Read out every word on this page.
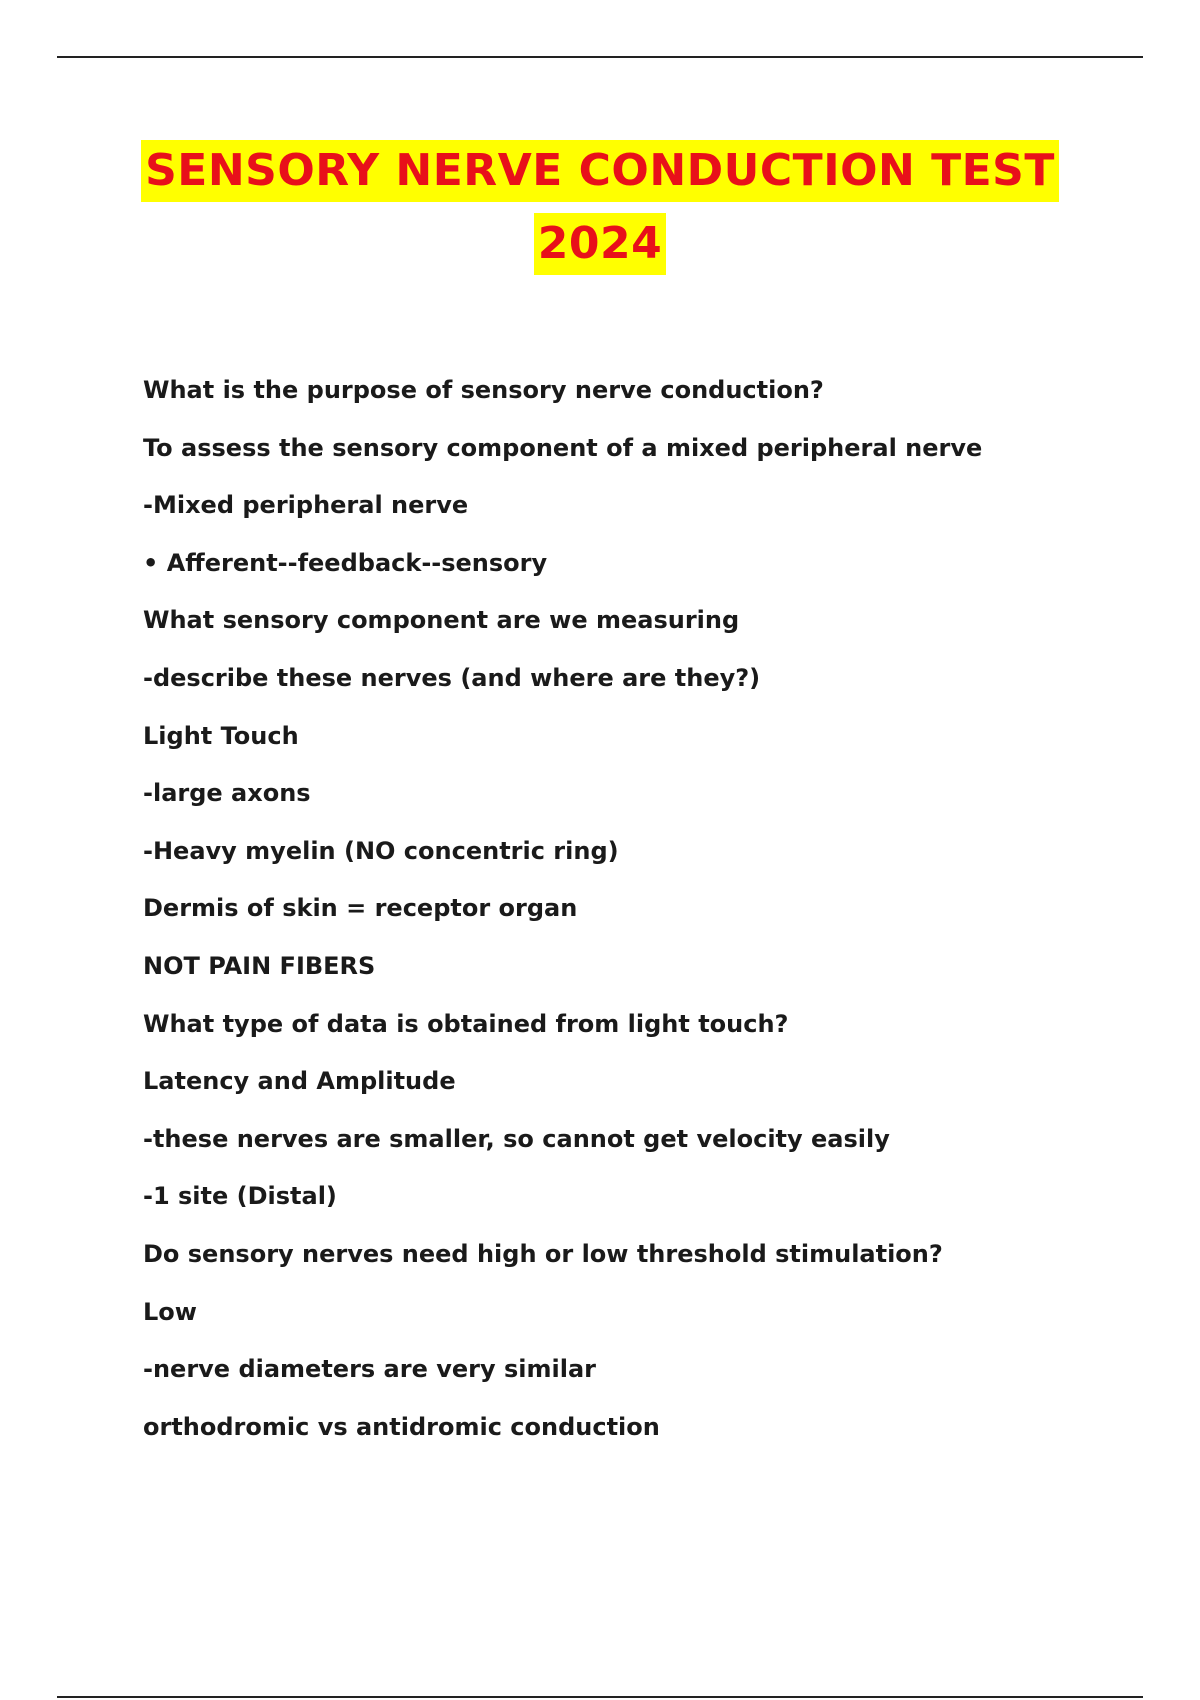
SENSORY NERVE CONDUCTION TEST
2024
What is the purpose of sensory nerve conduction?
To assess the sensory component of a mixed peripheral nerve
-Mixed peripheral nerve
• Afferent--feedback--sensory
What sensory component are we measuring
-describe these nerves (and where are they?)
Light Touch
-large axons
-Heavy myelin (NO concentric ring)
Dermis of skin = receptor organ
NOT PAIN FIBERS
What type of data is obtained from light touch?
Latency and Amplitude
-these nerves are smaller, so cannot get velocity easily
-1 site (Distal)
Do sensory nerves need high or low threshold stimulation?
Low
-nerve diameters are very similar
orthodromic vs antidromic conduction
